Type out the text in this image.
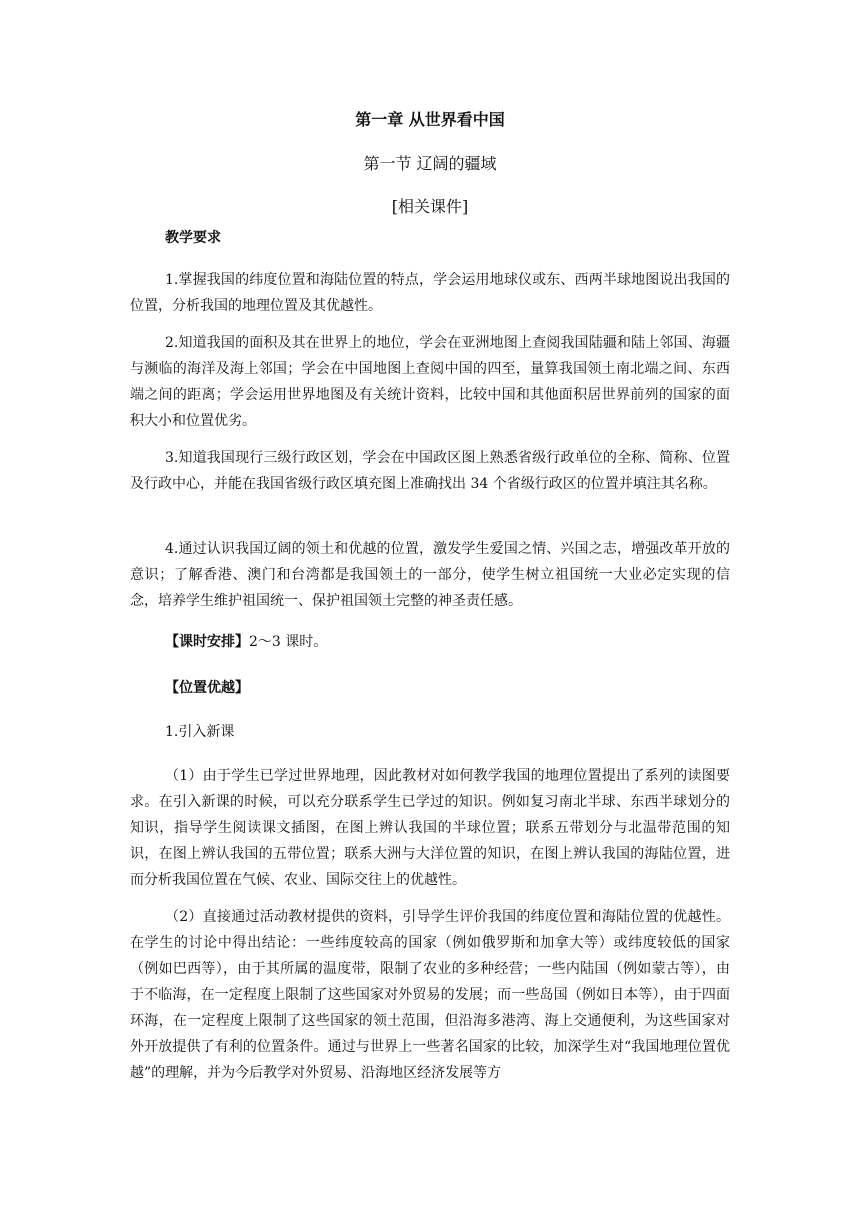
第一章 从世界看中国
第一节 辽阔的疆域
[相关课件]
教学要求
1.掌握我国的纬度位置和海陆位置的特点，学会运用地球仪或东、西两半球地图说出我国的位置，分析我国的地理位置及其优越性。
2.知道我国的面积及其在世界上的地位，学会在亚洲地图上查阅我国陆疆和陆上邻国、海疆与濒临的海洋及海上邻国；学会在中国地图上查阅中国的四至，量算我国领土南北端之间、东西端之间的距离；学会运用世界地图及有关统计资料，比较中国和其他面积居世界前列的国家的面积大小和位置优劣。
3.知道我国现行三级行政区划，学会在中国政区图上熟悉省级行政单位的全称、简称、位置及行政中心，并能在我国省级行政区填充图上准确找出 34 个省级行政区的位置并填注其名称。
4.通过认识我国辽阔的领土和优越的位置，激发学生爱国之情、兴国之志，增强改革开放的意识；了解香港、澳门和台湾都是我国领土的一部分，使学生树立祖国统一大业必定实现的信念，培养学生维护祖国统一、保护祖国领土完整的神圣责任感。
【课时安排】2～3 课时。
【位置优越】
1.引入新课
（1）由于学生已学过世界地理，因此教材对如何教学我国的地理位置提出了系列的读图要求。在引入新课的时候，可以充分联系学生已学过的知识。例如复习南北半球、东西半球划分的知识，指导学生阅读课文插图，在图上辨认我国的半球位置；联系五带划分与北温带范围的知识，在图上辨认我国的五带位置；联系大洲与大洋位置的知识，在图上辨认我国的海陆位置，进而分析我国位置在气候、农业、国际交往上的优越性。
（2）直接通过活动教材提供的资料，引导学生评价我国的纬度位置和海陆位置的优越性。在学生的讨论中得出结论：一些纬度较高的国家（例如俄罗斯和加拿大等）或纬度较低的国家（例如巴西等），由于其所属的温度带，限制了农业的多种经营；一些内陆国（例如蒙古等），由于不临海，在一定程度上限制了这些国家对外贸易的发展；而一些岛国（例如日本等），由于四面环海，在一定程度上限制了这些国家的领土范围，但沿海多港湾、海上交通便利，为这些国家对外开放提供了有利的位置条件。通过与世界上一些著名国家的比较，加深学生对“我国地理位置优越”的理解，并为今后教学对外贸易、沿海地区经济发展等方
